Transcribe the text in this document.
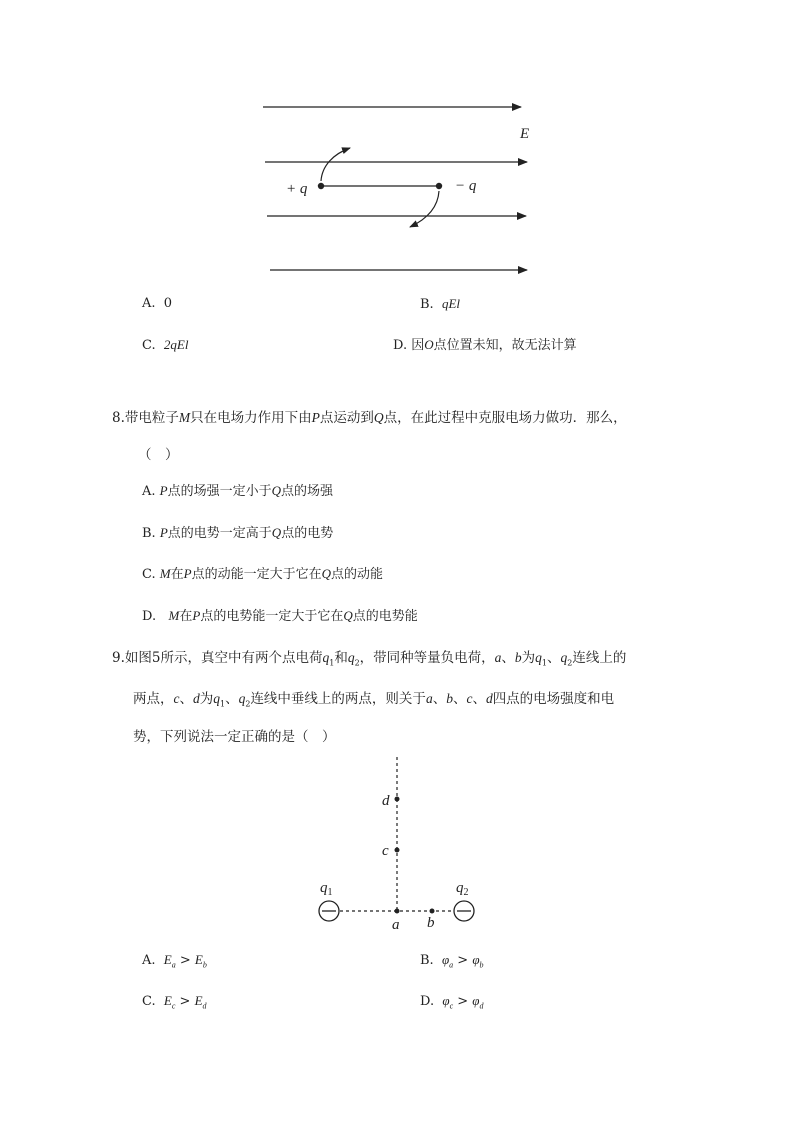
E
+ q	− q
A. 0	B. qEl
C. 2qEl	D. 因O点位置未知，故无法计算
8.带电粒子M只在电场力作用下由P点运动到Q点，在此过程中克服电场力做功．那么，
（　）
A. P点的场强一定小于Q点的场强
B. P点的电势一定高于Q点的电势
C. M在P点的动能一定大于它在Q点的动能
D. M在P点的电势能一定大于它在Q点的电势能
9.如图5所示，真空中有两个点电荷$q_1$和$q_2$，带同种等量负电荷，a、b为$q_1$、$q_2$连线上的
两点，c、d为$q_1$、$q_2$连线中垂线上的两点，则关于a、b、c、d四点的电场强度和电
势，下列说法一定正确的是（　）
d
c
a b
$q_1$	$q_2$
A. $E_a > E_b$	B. $\varphi_a > \varphi_b$
C. $E_c > E_d$	D. $\varphi_c > \varphi_d$
